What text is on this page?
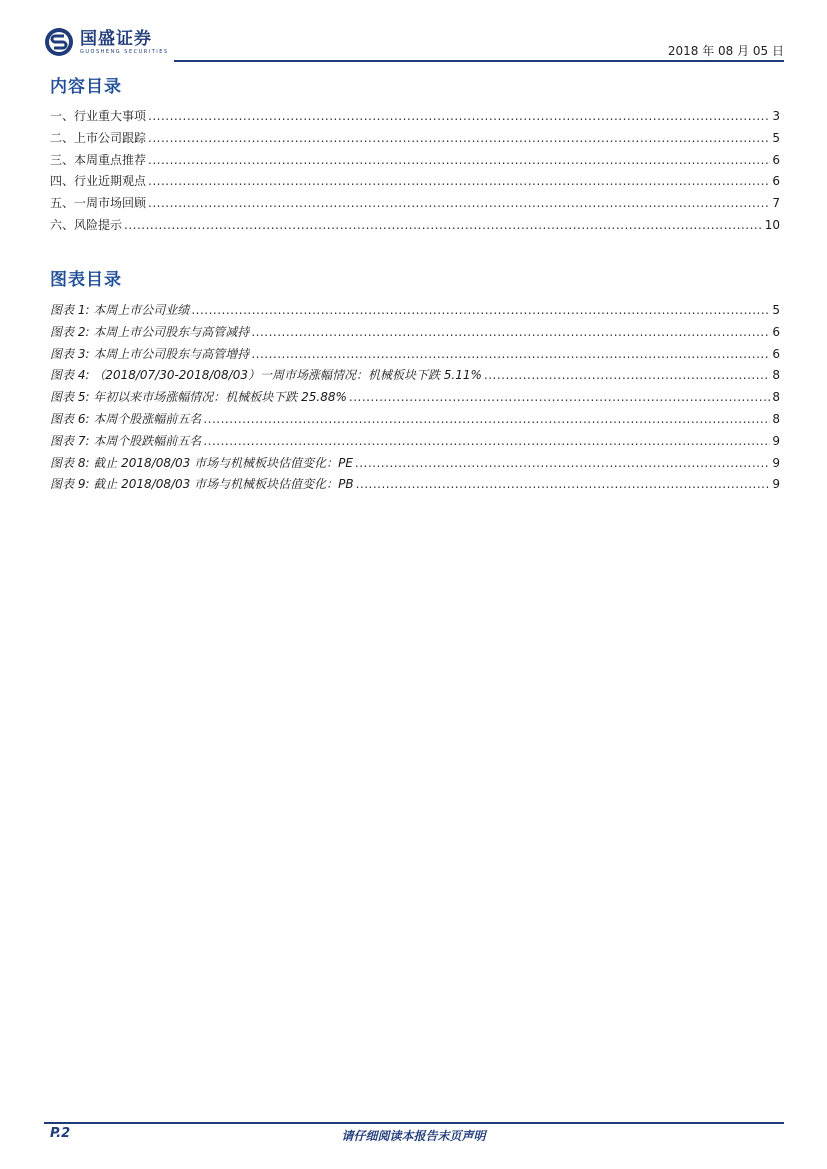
国盛证券
GUOSHENG SECURITIES	2018 年 08 月 05 日
内容目录
一、行业重大事项 .....	3
二、上市公司跟踪 .....	5
三、本周重点推荐 .....	6
四、行业近期观点 .....	6
五、一周市场回顾 .....	7
六、风险提示 .....	10
图表目录
图表 1: 本周上市公司业绩 .....	5
图表 2: 本周上市公司股东与高管减持 .....	6
图表 3: 本周上市公司股东与高管增持 .....	6
图表 4: （2018/07/30-2018/08/03）一周市场涨幅情况：机械板块下跌 5.11% .....	8
图表 5: 年初以来市场涨幅情况：机械板块下跌 25.88% .....	8
图表 6: 本周个股涨幅前五名 .....	8
图表 7: 本周个股跌幅前五名 .....	9
图表 8: 截止 2018/08/03 市场与机械板块估值变化：PE .....	9
图表 9: 截止 2018/08/03 市场与机械板块估值变化：PB .....	9
P.2	请仔细阅读本报告末页声明
